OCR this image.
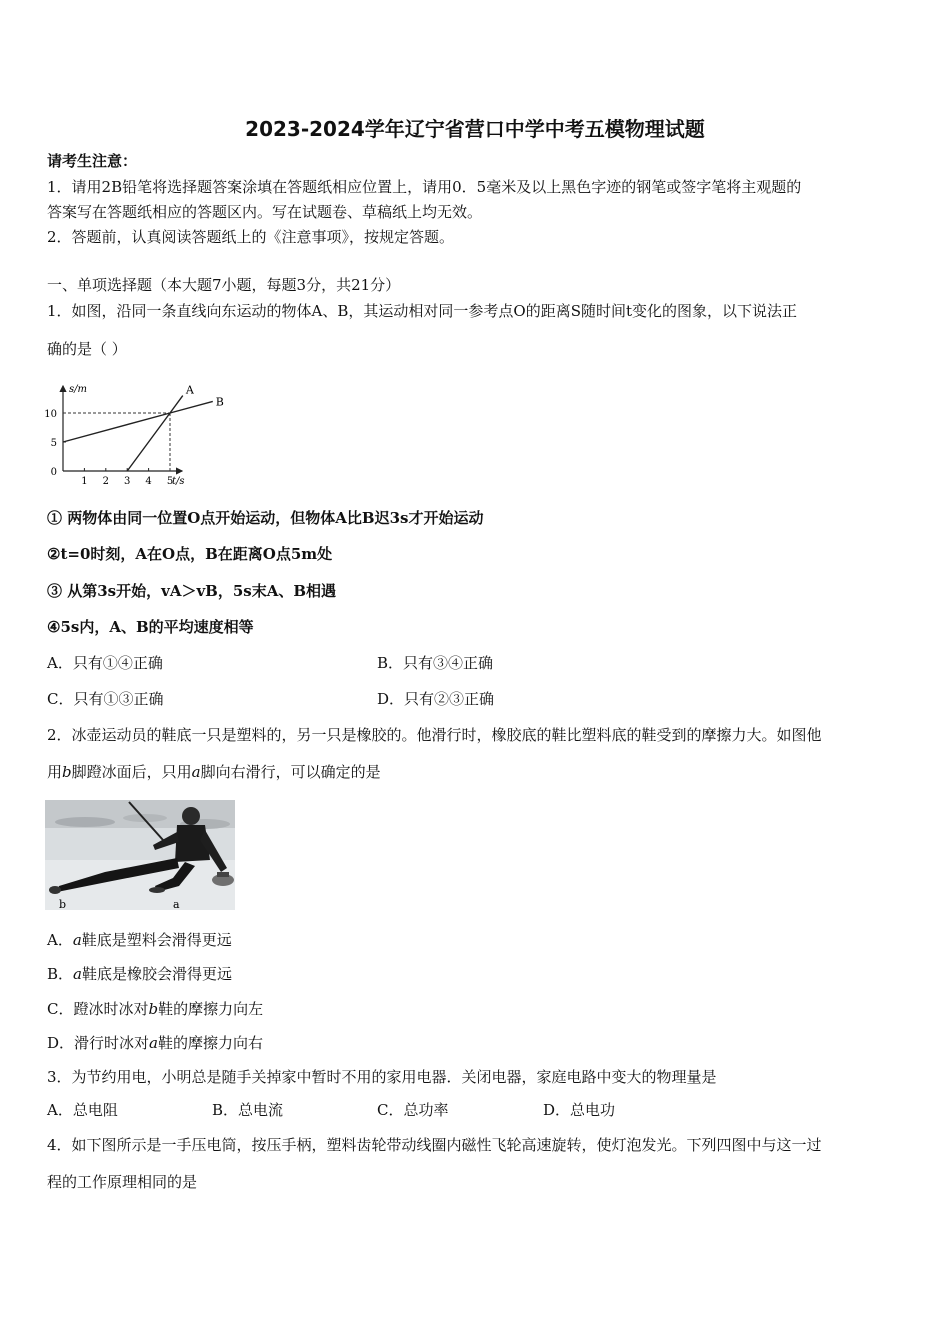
2023-2024学年辽宁省营口中学中考五模物理试题
请考生注意：
1．请用2B铅笔将选择题答案涂填在答题纸相应位置上，请用0．5毫米及以上黑色字迹的钢笔或签字笔将主观题的
答案写在答题纸相应的答题区内。写在试题卷、草稿纸上均无效。
2．答题前，认真阅读答题纸上的《注意事项》，按规定答题。
一、单项选择题（本大题7小题，每题3分，共21分）
1．如图，沿同一条直线向东运动的物体A、B，其运动相对同一参考点O的距离S随时间t变化的图象，以下说法正
确的是（ ）
s/m
t/s
1 2 3 4 5
0
5
10
A
B
① 两物体由同一位置O点开始运动，但物体A比B迟3s才开始运动
②t=0时刻，A在O点，B在距离O点5m处
③ 从第3s开始，vA＞vB，5s末A、B相遇
④5s内，A、B的平均速度相等
A．只有①④正确	B．只有③④正确
C．只有①③正确	D．只有②③正确
2．冰壶运动员的鞋底一只是塑料的，另一只是橡胶的。他滑行时，橡胶底的鞋比塑料底的鞋受到的摩擦力大。如图他
用b脚蹬冰面后，只用a脚向右滑行，可以确定的是
b	a
A．a鞋底是塑料会滑得更远
B．a鞋底是橡胶会滑得更远
C．蹬冰时冰对b鞋的摩擦力向左
D．滑行时冰对a鞋的摩擦力向右
3．为节约用电，小明总是随手关掉家中暂时不用的家用电器．关闭电器，家庭电路中变大的物理量是
A．总电阻	B．总电流	C．总功率	D．总电功
4．如下图所示是一手压电筒，按压手柄，塑料齿轮带动线圈内磁性飞轮高速旋转，使灯泡发光。下列四图中与这一过
程的工作原理相同的是
